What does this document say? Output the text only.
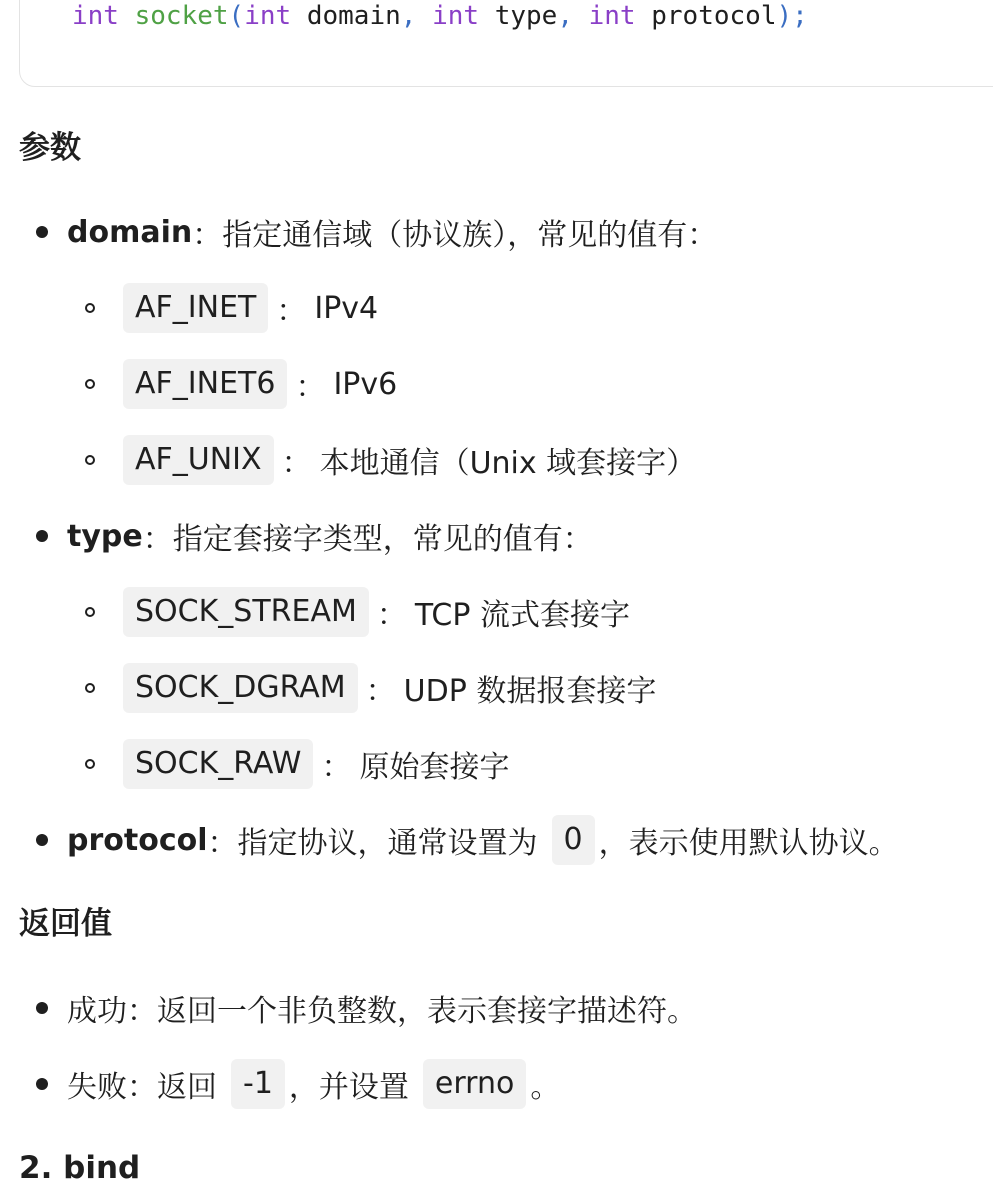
int socket(int domain, int type, int protocol);
参数
domain ：指定通信域（协议族），常见的值有：
AF_INET ： IPv4
AF_INET6 ： IPv6
AF_UNIX ： 本地通信（Unix 域套接字）
type ：指定套接字类型，常见的值有：
SOCK_STREAM ： TCP 流式套接字
SOCK_DGRAM ： UDP 数据报套接字
SOCK_RAW ： 原始套接字
protocol ：指定协议，通常设置为 0 ，表示使用默认协议。
返回值
成功：返回一个非负整数，表示套接字描述符。
失败：返回 -1 ，并设置 errno 。
2. bind
